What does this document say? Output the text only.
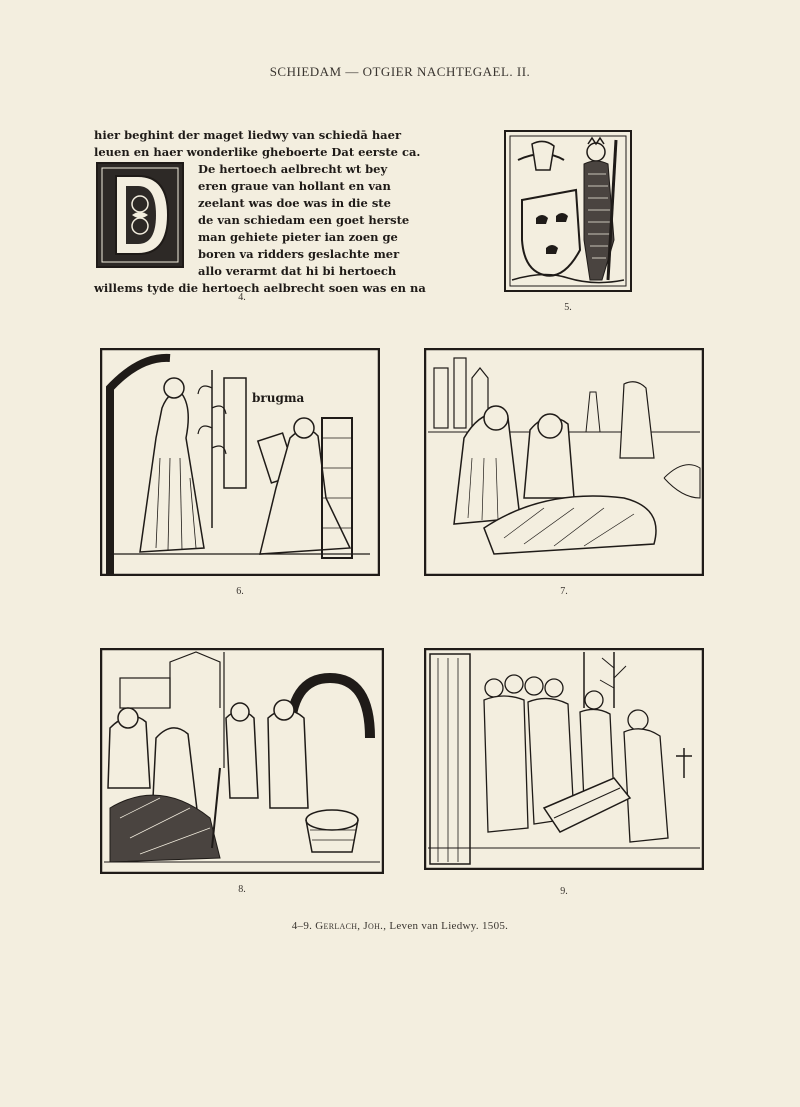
SCHIEDAM — OTGIER NACHTEGAEL. II.
hier beghint der maget liedwy van schiedā haer
leuen en haer wonderlike gheboerte Dat eerste ca.
De hertoech aelbrecht wt bey
eren graue van hollant en van
zeelant was doe was in die ste
de van schiedam een goet herste
man gehiete pieter ian zoen ge
boren va ridders geslachte mer
allo verarmt dat hi bi hertoech
willems tyde die hertoech aelbrecht soen was en na
4.
5.
brugma
6.	7.
8.	9.
4–9. Gerlach, Joh., Leven van Liedwy. 1505.
